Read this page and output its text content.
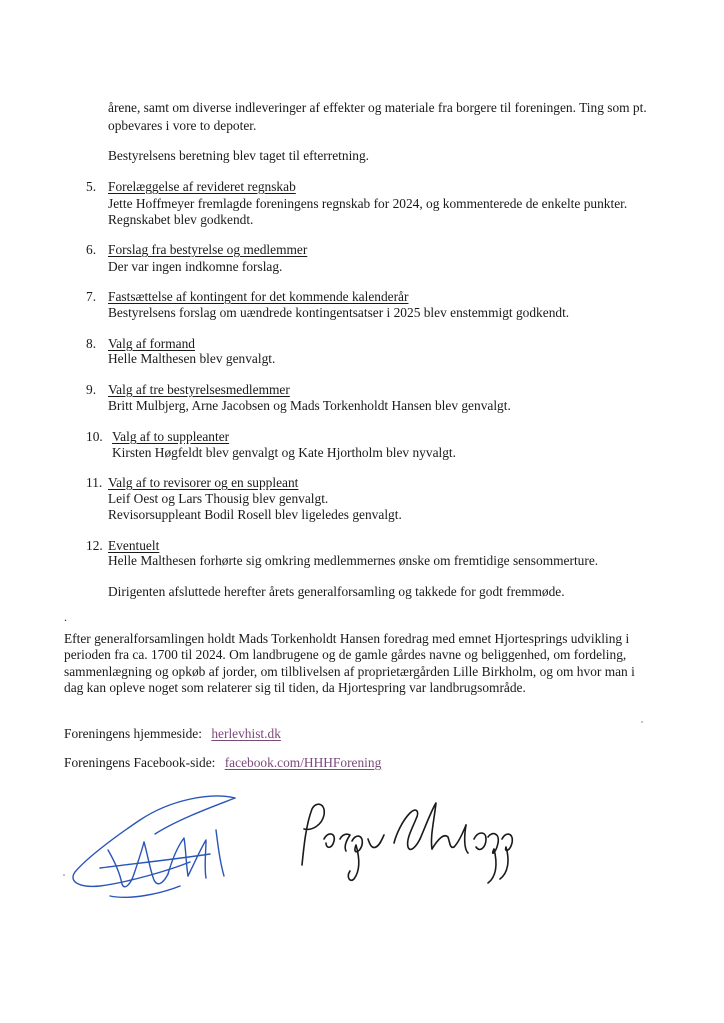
årene, samt om diverse indleveringer af effekter og materiale fra borgere til foreningen. Ting som pt.
opbevares i vore to depoter.
Bestyrelsens beretning blev taget til efterretning.
5. Forelæggelse af revideret regnskab
Jette Hoffmeyer fremlagde foreningens regnskab for 2024, og kommenterede de enkelte punkter.
Regnskabet blev godkendt.
6. Forslag fra bestyrelse og medlemmer
Der var ingen indkomne forslag.
7. Fastsættelse af kontingent for det kommende kalenderår
Bestyrelsens forslag om uændrede kontingentsatser i 2025 blev enstemmigt godkendt.
8. Valg af formand
Helle Malthesen blev genvalgt.
9. Valg af tre bestyrelsesmedlemmer
Britt Mulbjerg, Arne Jacobsen og Mads Torkenholdt Hansen blev genvalgt.
10. Valg af to suppleanter
Kirsten Høgfeldt blev genvalgt og Kate Hjortholm blev nyvalgt.
11. Valg af to revisorer og en suppleant
Leif Oest og Lars Thousig blev genvalgt.
Revisorsuppleant Bodil Rosell blev ligeledes genvalgt.
12. Eventuelt
Helle Malthesen forhørte sig omkring medlemmernes ønske om fremtidige sensommerture.
Dirigenten afsluttede herefter årets generalforsamling og takkede for godt fremmøde.
.
Efter generalforsamlingen holdt Mads Torkenholdt Hansen foredrag med emnet Hjortesprings udvikling i
perioden fra ca. 1700 til 2024. Om landbrugene og de gamle gårdes navne og beliggenhed, om fordeling,
sammenlægning og opkøb af jorder, om tilblivelsen af proprietærgården Lille Birkholm, og om hvor man i
dag kan opleve noget som relaterer sig til tiden, da Hjortespring var landbrugsområde.
Foreningens hjemmeside: herlevhist.dk
Foreningens Facebook-side: facebook.com/HHHForening
